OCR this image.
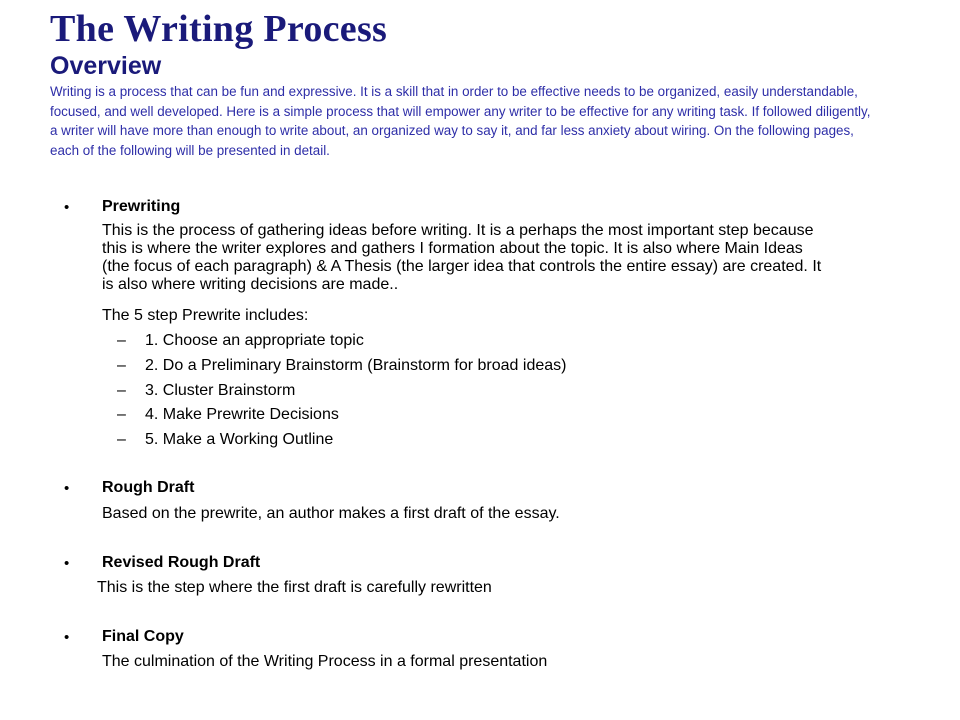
The Writing Process
Overview

Writing is a process that can be fun and expressive. It is a skill that in order to be effective needs to be organized, easily understandable, focused, and well developed. Here is a simple process that will empower any writer to be effective for any writing task. If followed diligently, a writer will have more than enough to write about, an organized way to say it, and far less anxiety about wiring. On the following pages, each of the following will be presented in detail.

• Prewriting
This is the process of gathering ideas before writing. It is a perhaps the most important step because this is where the writer explores and gathers I formation about the topic. It is also where Main Ideas (the focus of each paragraph) & A Thesis (the larger idea that controls the entire essay) are created. It is also where writing decisions are made..
The 5 step Prewrite includes:
– 1. Choose an appropriate topic
– 2. Do a Preliminary Brainstorm (Brainstorm for broad ideas)
– 3. Cluster Brainstorm
– 4. Make Prewrite Decisions
– 5. Make a Working Outline
• Rough Draft
Based on the prewrite, an author makes a first draft of the essay.
• Revised Rough Draft
This is the step where the first draft is carefully rewritten
• Final Copy
The culmination of the Writing Process in a formal presentation
